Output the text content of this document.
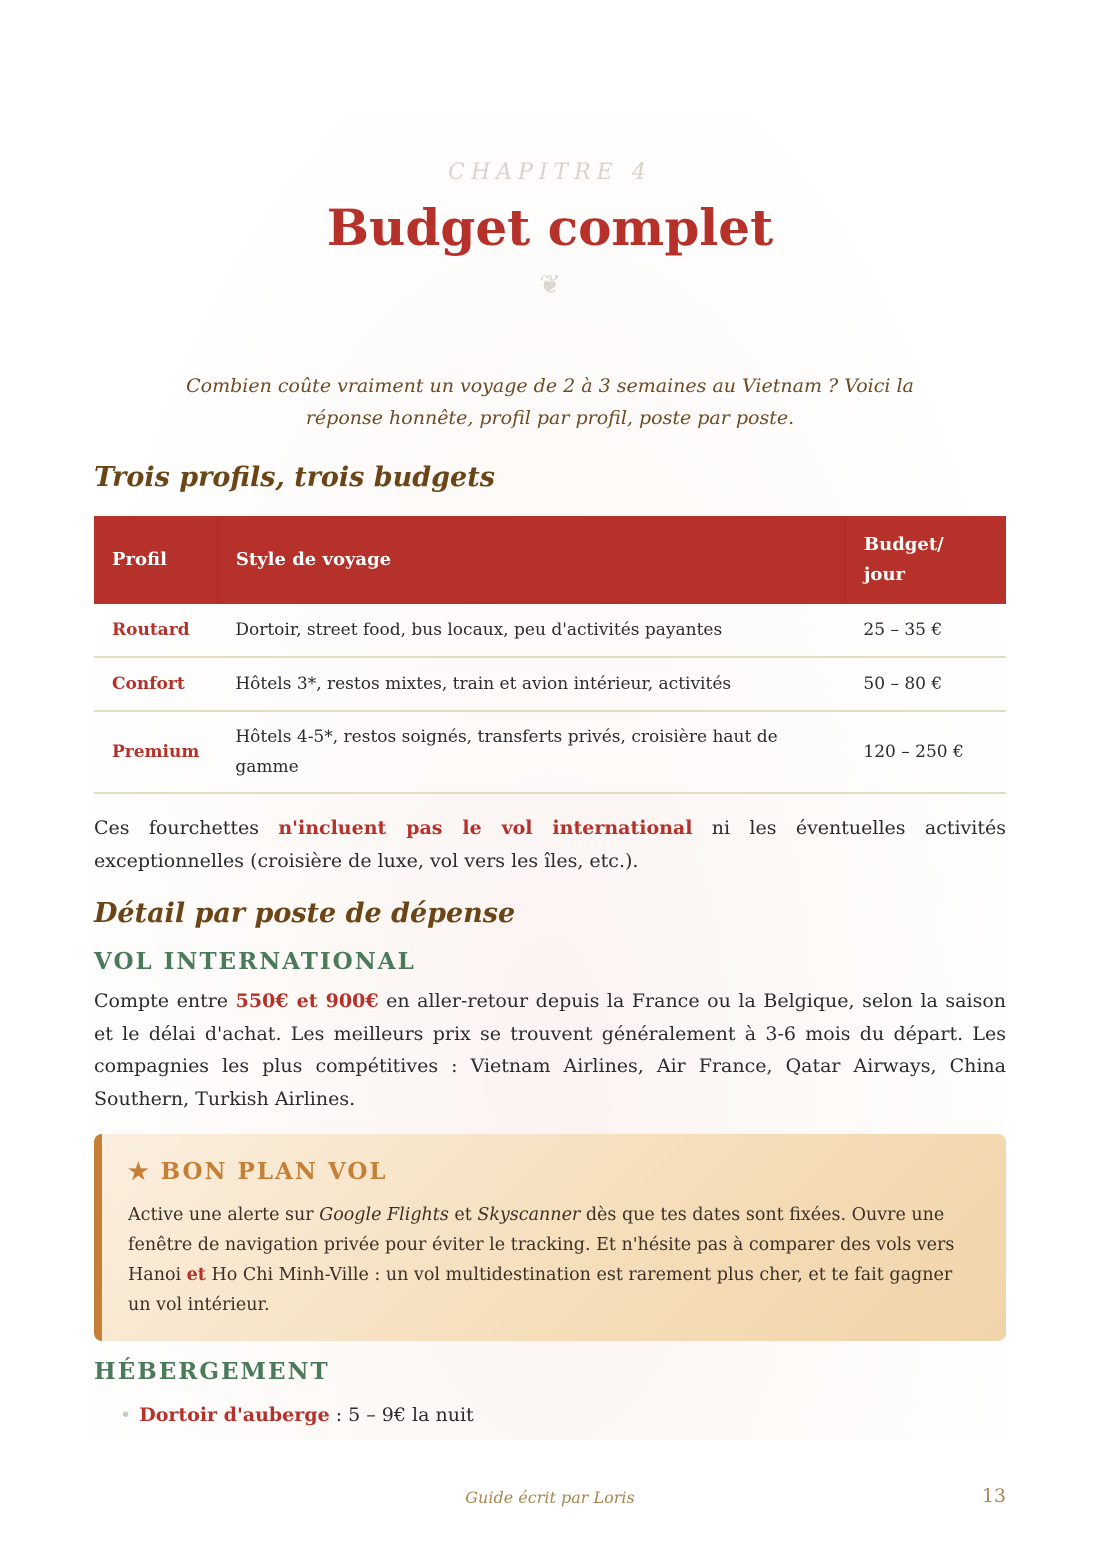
CHAPITRE 4
Budget complet
❦

Combien coûte vraiment un voyage de 2 à 3 semaines au Vietnam ? Voici la
réponse honnête, profil par profil, poste par poste.

Trois profils, trois budgets
Profil	Style de voyage	Budget/ jour
Routard	Dortoir, street food, bus locaux, peu d'activités payantes	25 – 35 €
Confort	Hôtels 3*, restos mixtes, train et avion intérieur, activités	50 – 80 €
Premium	Hôtels 4-5*, restos soignés, transferts privés, croisière haut de gamme	120 – 250 €

Ces fourchettes n'incluent pas le vol international ni les éventuelles activités exceptionnelles (croisière de luxe, vol vers les îles, etc.).

Détail par poste de dépense
VOL INTERNATIONAL

Compte entre 550€ et 900€ en aller-retour depuis la France ou la Belgique, selon la saison et le délai d'achat. Les meilleurs prix se trouvent généralement à 3-6 mois du départ. Les compagnies les plus compétitives : Vietnam Airlines, Air France, Qatar Airways, China Southern, Turkish Airlines.

★ BON PLAN VOL

Active une alerte sur Google Flights et Skyscanner dès que tes dates sont fixées. Ouvre une fenêtre de navigation privée pour éviter le tracking. Et n'hésite pas à comparer des vols vers Hanoi et Ho Chi Minh-Ville : un vol multidestination est rarement plus cher, et te fait gagner un vol intérieur.

HÉBERGEMENT
• Dortoir d'auberge : 5 – 9€ la nuit
Guide écrit par Loris	13
